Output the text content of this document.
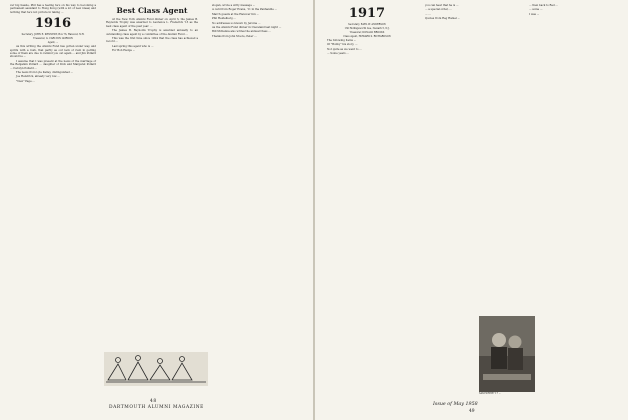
ver big hassle, Phil has a feeling he's on his way to becoming a permanent assistant to Hong Kong (with a lot of new ideas) and nothing that he's not picture in taking ...

1916
Secretary, JOHN E. KENNEDY, Box 76, Hanover, N.H.
Treasurer, G. CARLTON GORDON
Agent, ...

As this writing the Alumni Fund has gotten under way, and spirits with a rush, that partly as our lack of rush in getting some of them are due to remind you out again ... and Jim Pollard should be ...

I assume that I was present at the news of the marriage of the Benjamin Pollard ... daughter of Dick and Margaret Pollard ... Carolyn Pollard ...

The news from Lyle Kelley, distinguished ...

Joe Hendrick, already very low ...

"New" Page ...

Best Class Agent

At the New York Alumni Fund dinner on April 3, the James B. Reynolds Trophy was awarded to Laurence L. Frederick '13 as the best class agent of the past year. ...

The James B. Reynolds Trophy is awarded annually to an outstanding class agent by a committee of the Alumni Fund ...

This was the first time since 1924 that the class has achieved a record ...

Last spring this agent who is ...

For Bob Hedge ...

slogan, wrote a witty message ...

A card from Roger Evans, '11 in the Panhandle ...

March guests at the Hanover Inn ...

Phil Heidelberg ...

No addresses so known by Jerome ...

As the Alumni Fund dinner in Cleveland last night ...

Bill McKenna also writes the annual Class ...

Thanks from John Moore, Peter ...

48
DARTMOUTH ALUMNI MAGAZINE
1917
Secretary, EARL W. ANDERSON
130 Hollingsworth Ave, Newark 5, N.J.
Treasurer, DONALD BROOKS
Class Agent, HOWARD S. RICHARDSON

The following items ...

Of "Bobby" his story, ...

Not quite as we went to ...

... Some years ...

you can hear that he is ...

... a special order, ...

... ...

Quotes from Reg Hamel ...

... then back to Red ...

... some ...

I was ...

SAM WHITE '17 ...
Issue of May 1958
49
